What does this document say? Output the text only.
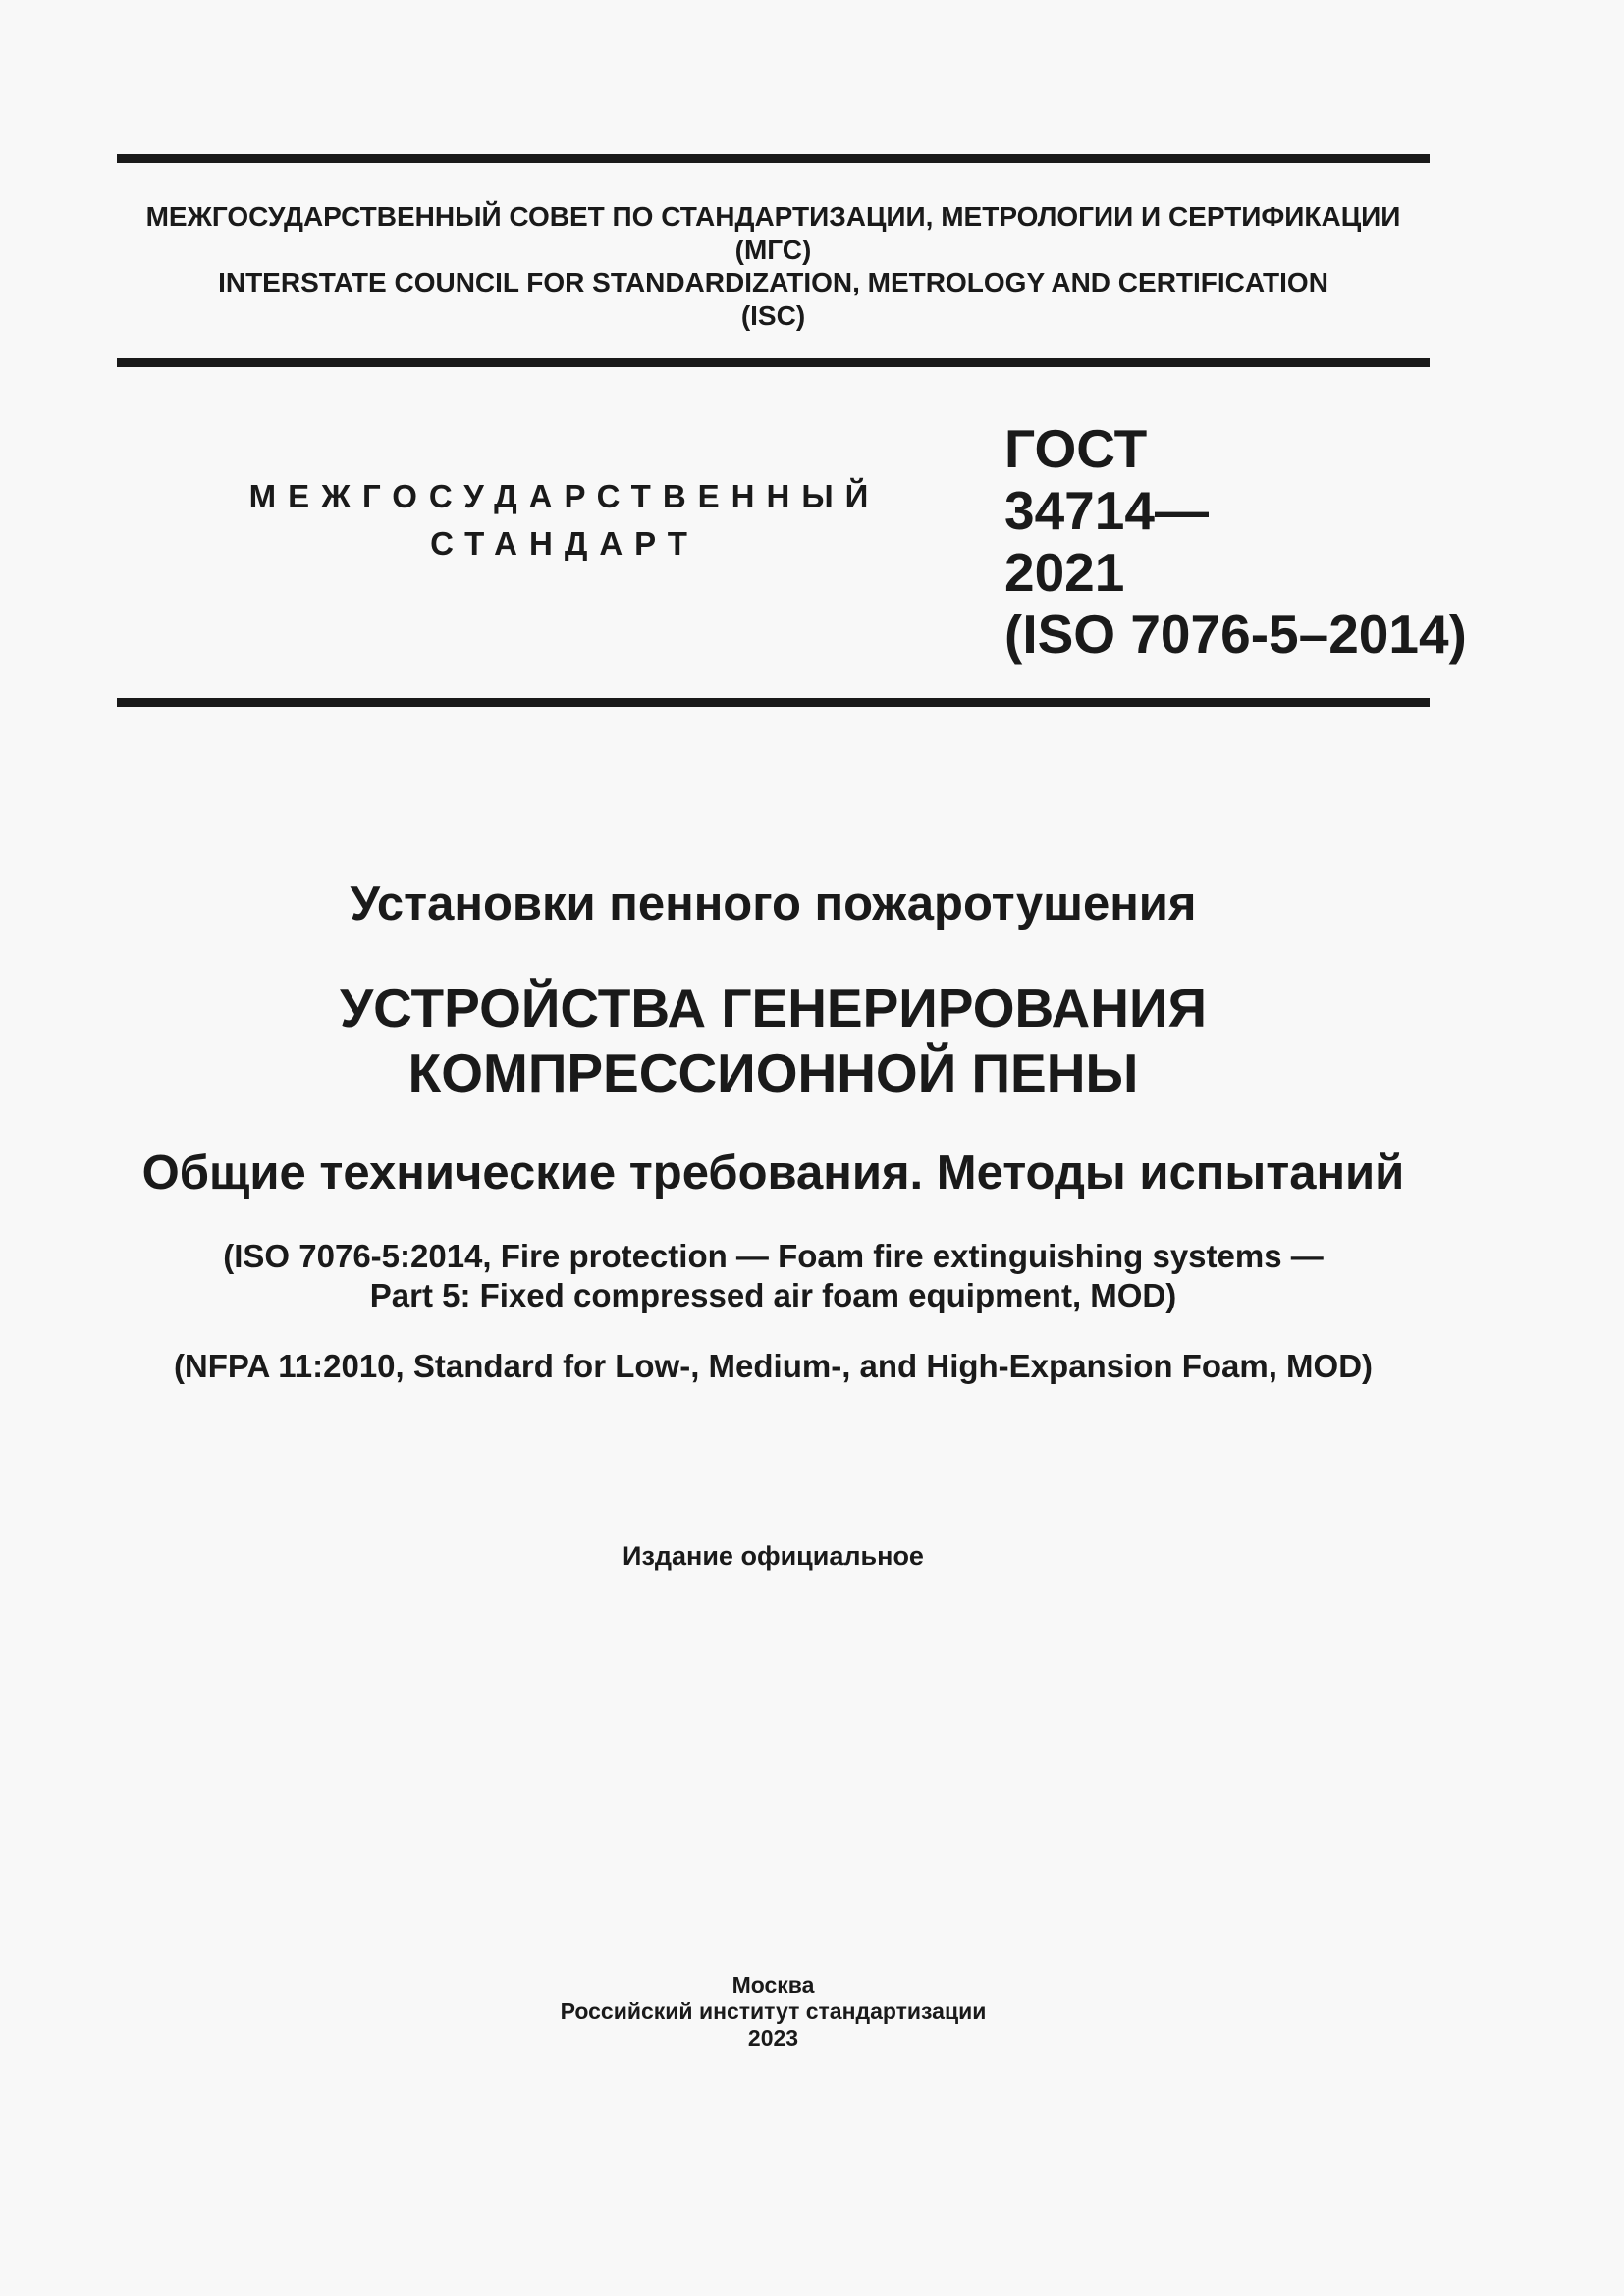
МЕЖГОСУДАРСТВЕННЫЙ СОВЕТ ПО СТАНДАРТИЗАЦИИ, МЕТРОЛОГИИ И СЕРТИФИКАЦИИ
(МГС)
INTERSTATE COUNCIL FOR STANDARDIZATION, METROLOGY AND CERTIFICATION
(ISC)
МЕЖГОСУДАРСТВЕННЫЙ
СТАНДАРТ
ГОСТ
34714—
2021
(ISO 7076-5–2014)
Установки пенного пожаротушения
УСТРОЙСТВА ГЕНЕРИРОВАНИЯ
КОМПРЕССИОННОЙ ПЕНЫ
Общие технические требования. Методы испытаний
(ISO 7076-5:2014, Fire protection — Foam fire extinguishing systems —
Part 5: Fixed compressed air foam equipment, MOD)
(NFPA 11:2010, Standard for Low-, Medium-, and High-Expansion Foam, MOD)
Издание официальное
Москва
Российский институт стандартизации
2023
